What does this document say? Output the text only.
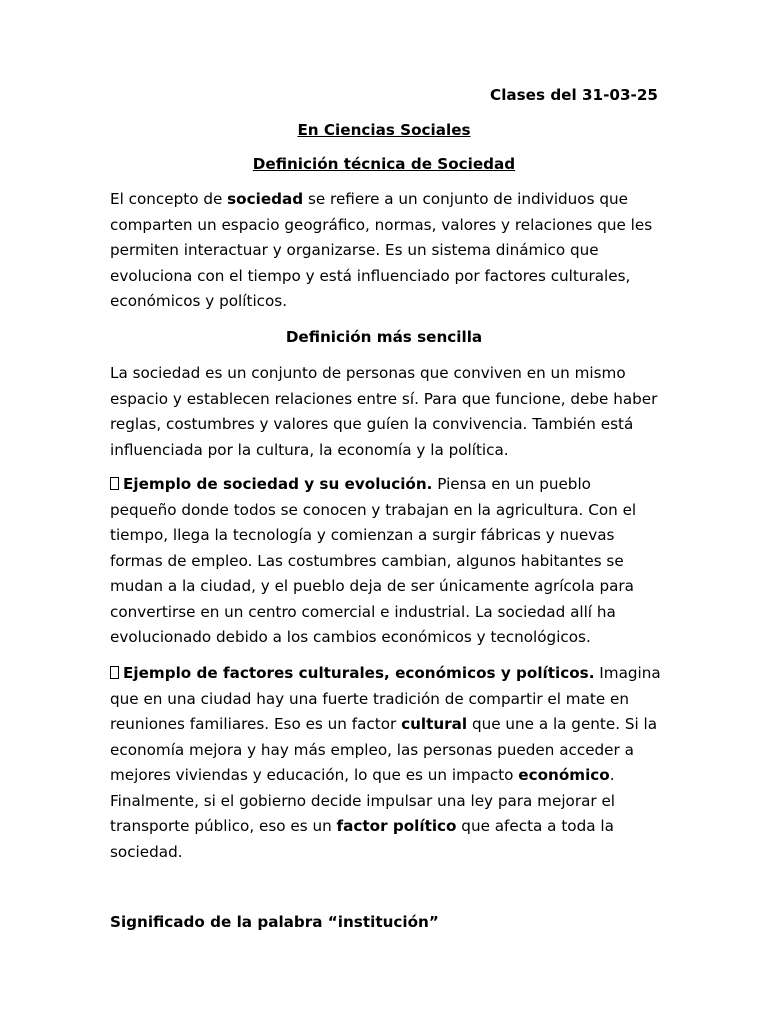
Clases del 31-03-25

En Ciencias Sociales

Definición técnica de Sociedad

El concepto de sociedad se refiere a un conjunto de individuos que comparten un espacio geográfico, normas, valores y relaciones que les permiten interactuar y organizarse. Es un sistema dinámico que evoluciona con el tiempo y está influenciado por factores culturales, económicos y políticos.

Definición más sencilla

La sociedad es un conjunto de personas que conviven en un mismo espacio y establecen relaciones entre sí. Para que funcione, debe haber reglas, costumbres y valores que guíen la convivencia. También está influenciada por la cultura, la economía y la política.

Ejemplo de sociedad y su evolución. Piensa en un pueblo pequeño donde todos se conocen y trabajan en la agricultura. Con el tiempo, llega la tecnología y comienzan a surgir fábricas y nuevas formas de empleo. Las costumbres cambian, algunos habitantes se mudan a la ciudad, y el pueblo deja de ser únicamente agrícola para convertirse en un centro comercial e industrial. La sociedad allí ha evolucionado debido a los cambios económicos y tecnológicos.

Ejemplo de factores culturales, económicos y políticos. Imagina que en una ciudad hay una fuerte tradición de compartir el mate en reuniones familiares. Eso es un factor cultural que une a la gente. Si la economía mejora y hay más empleo, las personas pueden acceder a mejores viviendas y educación, lo que es un impacto económico. Finalmente, si el gobierno decide impulsar una ley para mejorar el transporte público, eso es un factor político que afecta a toda la sociedad.

Significado de la palabra “institución”
